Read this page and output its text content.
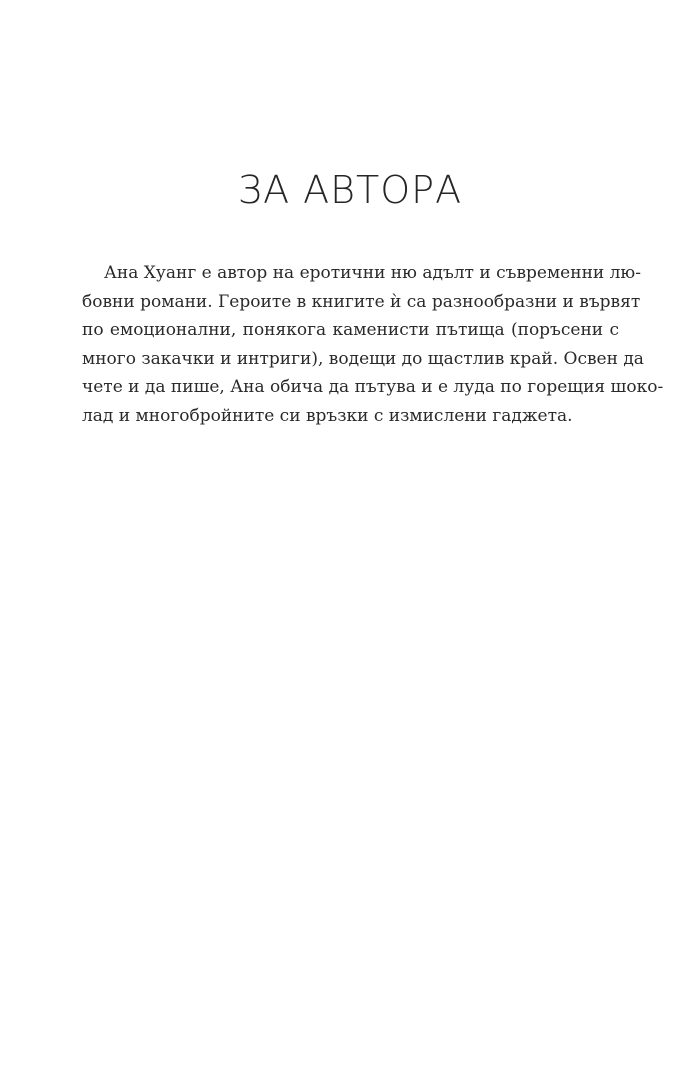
ЗА АВТОРА
Ана Хуанг е автор на еротични ню адълт и съвременни лю-
бовни романи. Героите в книгите ѝ са разнообразни и вървят
по емоционални, понякога каменисти пътища (поръсени с
много закачки и интриги), водещи до щастлив край. Освен да
чете и да пише, Ана обича да пътува и е луда по горещия шоко-
лад и многобройните си връзки с измислени гаджета.
